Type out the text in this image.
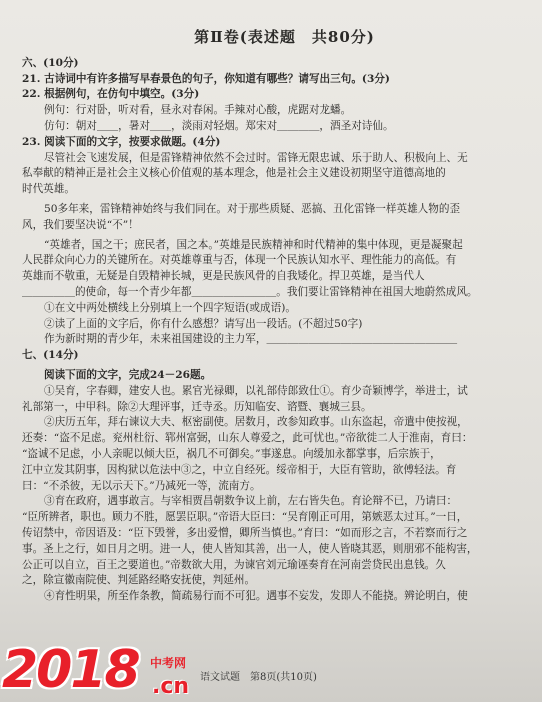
第Ⅱ卷(表述题　共80分)
六、(10分)
21. 古诗词中有许多描写早春景色的句子，你知道有哪些？请写出三句。(3分)
22. 根据例句，在仿句中填空。(3分)
例句：行对卧，听对看，昼永对春闲。手辣对心酸，虎踞对龙蟠。
仿句：朝对＿＿，暑对＿＿，淡雨对轻烟。郑宋对＿＿＿＿，酒圣对诗仙。
23. 阅读下面的文字，按要求做题。(4分)
尽管社会飞速发展，但是雷锋精神依然不会过时。雷锋无限忠诚、乐于助人、积极向上、无
私奉献的精神正是社会主义核心价值观的基本理念，他是社会主义建设初期坚守道德高地的
时代英雄。
50多年来，雷锋精神始终与我们同在。对于那些质疑、恶搞、丑化雷锋一样英雄人物的歪
风，我们要坚决说“不”！
“英雄者，国之干；庶民者，国之本。”英雄是民族精神和时代精神的集中体现，更是凝聚起
人民群众向心力的关键所在。对英雄尊重与否，体现一个民族认知水平、理性能力的高低。有
英雄而不敬重，无疑是自毁精神长城，更是民族风骨的自我矮化。捍卫英雄，是当代人
＿＿＿＿＿的使命，每一个青少年都＿＿＿＿＿＿＿＿。我们要让雷锋精神在祖国大地蔚然成风。
①在文中两处横线上分别填上一个四字短语(或成语)。
②读了上面的文字后，你有什么感想？请写出一段话。(不超过50字)
作为新时期的青少年，未来祖国建设的主力军，＿＿＿＿＿＿＿＿＿＿＿＿＿＿＿＿＿＿
七、(14分)
阅读下面的文字，完成24－26题。
①吴育，字春卿，建安人也。累官光禄卿，以礼部侍郎致仕①。育少奇颖博学，举进士，试
礼部第一，中甲科。除②大理评事，迁寺丞。历知临安、谘暨、襄城三县。
②庆历五年，拜右谏议大夫、枢密副使。居数月，改参知政事。山东盗起，帝遣中使按视，
还奏：“盗不足虑。兖州杜衍、郓州富弼，山东人尊爱之，此可忧也。”帝欲徙二人于淮南，育曰：
“盗诚不足虑，小人亲昵以倾大臣，祸几不可御矣。”事遂息。向缓加永都掌事，后宗族于，
江中立发其阴事，因构狱以危法中③之，中立自经死。绥帝相于，大臣有管助，欲傅轻法。育
曰：“不杀彼，无以示天下。”乃减死一等，流南方。
③育在政府，遇事敢言。与宰相贾昌朝数争议上前，左右皆失色。育论辩不已，乃请曰：
“臣所辨者，职也。顾力不胜，愿罢臣职。”帝语大臣曰：“吴育刚正可用，第嫉恶太过耳。”一日，
传诏禁中，帝因语及：“臣下毁誉，多出爱憎，卿所当慎也。”育曰：“如而形之言，不若察而行之
事。圣上之行，如日月之明。进一人，使人皆知其善，出一人，使人皆晓其恶，则朋邪不能构害，
公正可以自立，百王之要道也。”帝数欲大用，为谏官刘元瑜诬奏育在河南尝贷民出息钱。久
之，除宣徽南院使、判延路经略安抚使，判延州。
④育性明果，所至作条教，简疏易行而不可犯。遇事不妄发，发即人不能挠。辨论明白，使
语文试题　第8页(共10页)
2018 中考网
.cn
